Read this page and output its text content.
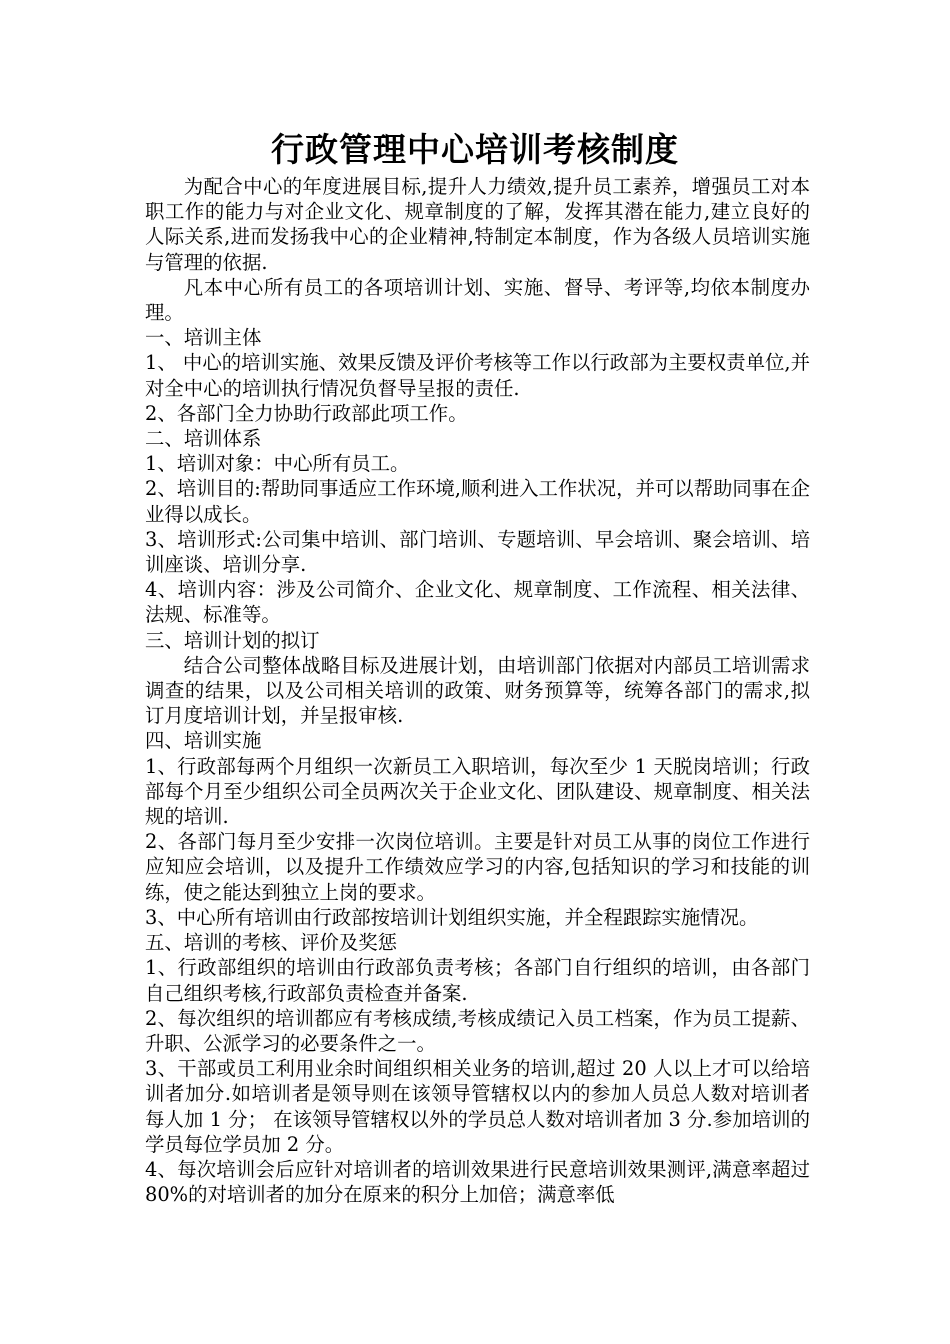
行政管理中心培训考核制度

为配合中心的年度进展目标,提升人力绩效,提升员工素养，增强员工对本职工作的能力与对企业文化、规章制度的了解，发挥其潜在能力,建立良好的人际关系,进而发扬我中心的企业精神,特制定本制度，作为各级人员培训实施与管理的依据.

凡本中心所有员工的各项培训计划、实施、督导、考评等,均依本制度办理。

一、培训主体

1、 中心的培训实施、效果反馈及评价考核等工作以行政部为主要权责单位,并对全中心的培训执行情况负督导呈报的责任.

2、各部门全力协助行政部此项工作。

二、培训体系

1、培训对象：中心所有员工。

2、培训目的:帮助同事适应工作环境,顺利进入工作状况，并可以帮助同事在企业得以成长。

3、培训形式:公司集中培训、部门培训、专题培训、早会培训、聚会培训、培训座谈、培训分享.

4、培训内容：涉及公司简介、企业文化、规章制度、工作流程、相关法律、法规、标准等。

三、培训计划的拟订

结合公司整体战略目标及进展计划，由培训部门依据对内部员工培训需求调查的结果，以及公司相关培训的政策、财务预算等，统筹各部门的需求,拟订月度培训计划，并呈报审核.

四、培训实施

1、行政部每两个月组织一次新员工入职培训，每次至少 1 天脱岗培训；行政部每个月至少组织公司全员两次关于企业文化、团队建设、规章制度、相关法规的培训.

2、各部门每月至少安排一次岗位培训。主要是针对员工从事的岗位工作进行应知应会培训，以及提升工作绩效应学习的内容,包括知识的学习和技能的训练，使之能达到独立上岗的要求。

3、中心所有培训由行政部按培训计划组织实施，并全程跟踪实施情况。

五、培训的考核、评价及奖惩

1、行政部组织的培训由行政部负责考核；各部门自行组织的培训，由各部门自己组织考核,行政部负责检查并备案.

2、每次组织的培训都应有考核成绩,考核成绩记入员工档案，作为员工提薪、升职、公派学习的必要条件之一。

3、干部或员工利用业余时间组织相关业务的培训,超过 20 人以上才可以给培训者加分.如培训者是领导则在该领导管辖权以内的参加人员总人数对培训者每人加 1 分； 在该领导管辖权以外的学员总人数对培训者加 3 分.参加培训的学员每位学员加 2 分。

4、每次培训会后应针对培训者的培训效果进行民意培训效果测评,满意率超过 80%的对培训者的加分在原来的积分上加倍；满意率低
